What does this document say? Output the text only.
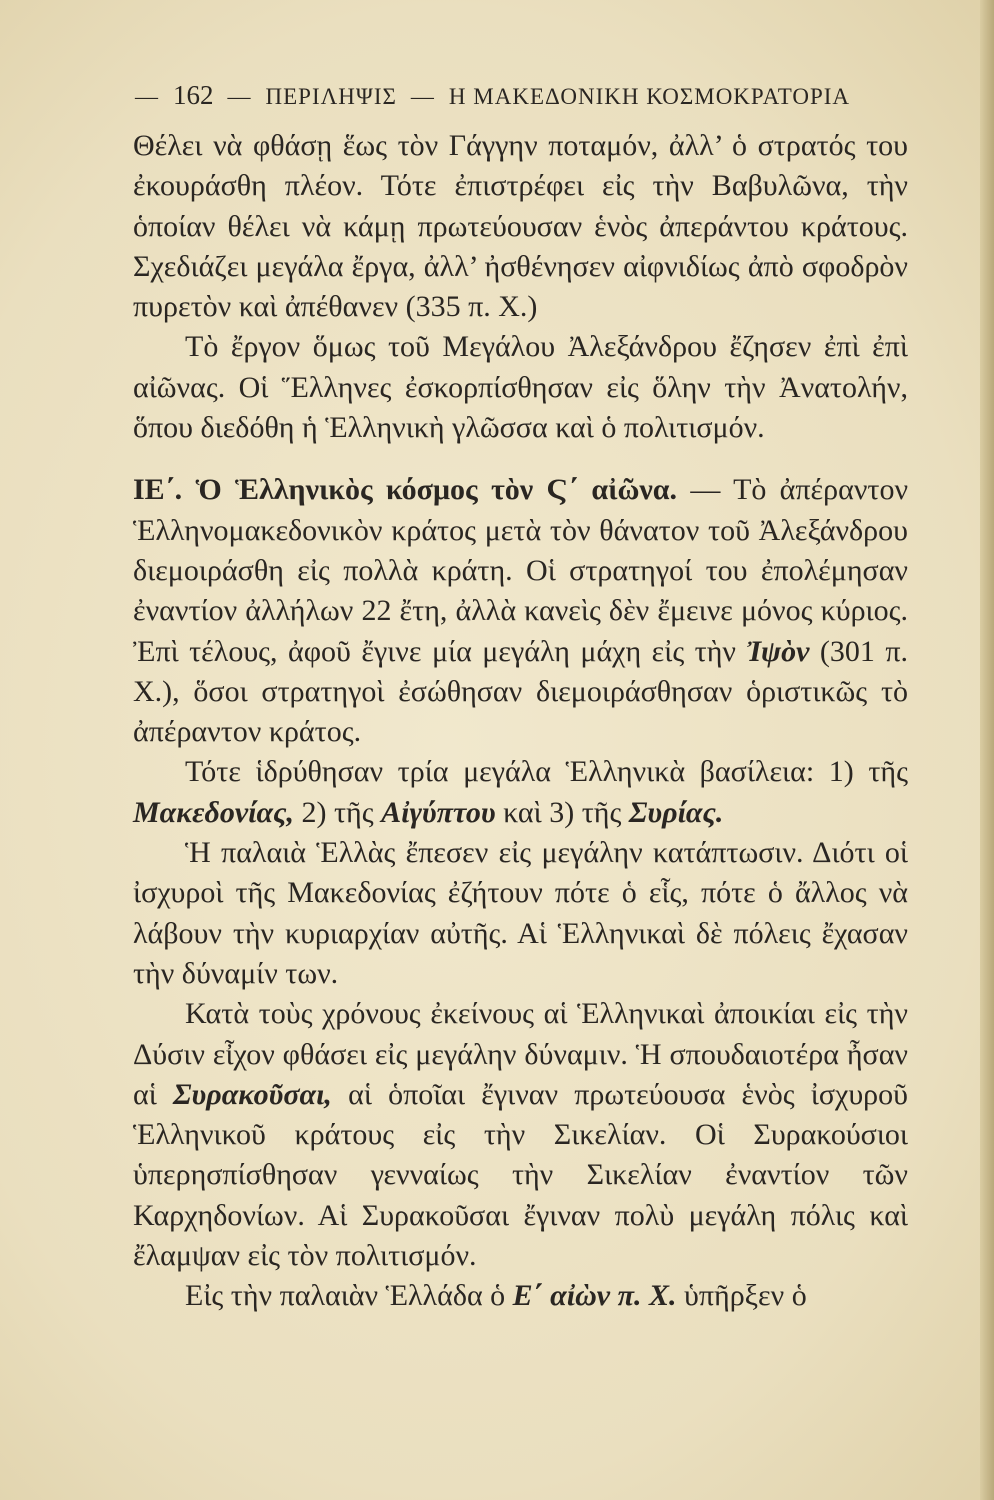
— 162 — ΠΕΡΙΛΗΨΙΣ — Η ΜΑΚΕΔΟΝΙΚΗ ΚΟΣΜΟΚΡΑΤΟΡΙΑ

Θέλει νὰ φθάσῃ ἕως τὸν Γάγγην ποταμόν, ἀλλ’ ὁ στρατός του ἐκουράσθη πλέον. Τότε ἐπιστρέφει εἰς τὴν Βαβυλῶνα, τὴν ὁποίαν θέλει νὰ κάμῃ πρωτεύουσαν ἑνὸς ἀπεράντου κράτους. Σχεδιάζει μεγάλα ἔργα, ἀλλ’ ἠσθένησεν αἰφνιδίως ἀπὸ σφοδρὸν πυρετὸν καὶ ἀπέθανεν (335 π. Χ.)

Τὸ ἔργον ὅμως τοῦ Μεγάλου Ἀλεξάνδρου ἔζησεν ἐπὶ ἐπὶ αἰῶνας. Οἱ Ἕλληνες ἐσκορπίσθησαν εἰς ὅλην τὴν Ἀνατολήν, ὅπου διεδόθη ἡ Ἑλληνικὴ γλῶσσα καὶ ὁ πολιτισμόν.

ΙΕ΄. Ὁ Ἑλληνικὸς κόσμος τὸν Ϛ΄ αἰῶνα. — Τὸ ἀπέραντον Ἑλληνομακεδονικὸν κράτος μετὰ τὸν θάνατον τοῦ Ἀλεξάνδρου διεμοιράσθη εἰς πολλὰ κράτη. Οἱ στρατηγοί του ἐπολέμησαν ἐναντίον ἀλλήλων 22 ἔτη, ἀλλὰ κανεὶς δὲν ἔμεινε μόνος κύριος. Ἐπὶ τέλους, ἀφοῦ ἔγινε μία μεγάλη μάχη εἰς τὴν Ἰψὸν (301 π. Χ.), ὅσοι στρατηγοὶ ἐσώθησαν διεμοιράσθησαν ὁριστικῶς τὸ ἀπέραντον κράτος.

Τότε ἱδρύθησαν τρία μεγάλα Ἑλληνικὰ βασίλεια: 1) τῆς Μακεδονίας, 2) τῆς Αἰγύπτου καὶ 3) τῆς Συρίας.

Ἡ παλαιὰ Ἑλλὰς ἔπεσεν εἰς μεγάλην κατάπτωσιν. Διότι οἱ ἰσχυροὶ τῆς Μακεδονίας ἐζήτουν πότε ὁ εἷς, πότε ὁ ἄλλος νὰ λάβουν τὴν κυριαρχίαν αὐτῆς. Αἱ Ἑλληνικαὶ δὲ πόλεις ἔχασαν τὴν δύναμίν των.

Κατὰ τοὺς χρόνους ἐκείνους αἱ Ἑλληνικαὶ ἀποικίαι εἰς τὴν Δύσιν εἶχον φθάσει εἰς μεγάλην δύναμιν. Ἡ σπουδαιοτέρα ἦσαν αἱ Συρακοῦσαι, αἱ ὁποῖαι ἔγιναν πρωτεύουσα ἑνὸς ἰσχυροῦ Ἑλληνικοῦ κράτους εἰς τὴν Σικελίαν. Οἱ Συρακούσιοι ὑπερησπίσθησαν γενναίως τὴν Σικελίαν ἐναντίον τῶν Καρχηδονίων. Αἱ Συρακοῦσαι ἔγιναν πολὺ μεγάλη πόλις καὶ ἔλαμψαν εἰς τὸν πολιτισμόν.

Εἰς τὴν παλαιὰν Ἑλλάδα ὁ Ε΄ αἰὼν π. Χ. ὑπῆρξεν ὁ
